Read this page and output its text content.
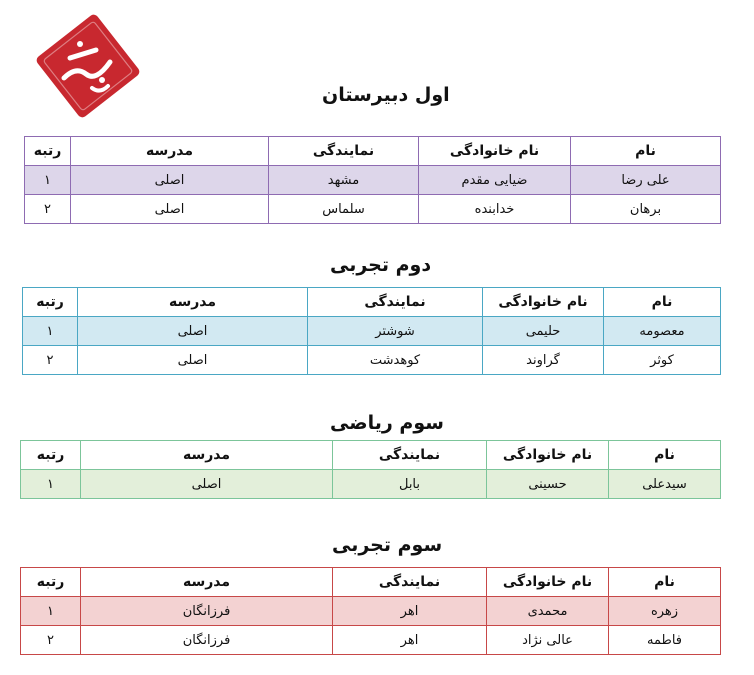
اول دبیرستان
نام	نام خانوادگی	نمایندگی	مدرسه	رتبه
علی رضا	ضیایی مقدم	مشهد	اصلی	۱
برهان	خدابنده	سلماس	اصلی	۲
دوم تجربی
نام	نام خانوادگی	نمایندگی	مدرسه	رتبه
معصومه	حلیمی	شوشتر	اصلی	۱
کوثر	گراوند	کوهدشت	اصلی	۲
سوم ریاضی
نام	نام خانوادگی	نمایندگی	مدرسه	رتبه
سیدعلی	حسینی	بابل	اصلی	۱
سوم تجربی
نام	نام خانوادگی	نمایندگی	مدرسه	رتبه
زهره	محمدی	اهر	فرزانگان	۱
فاطمه	عالی نژاد	اهر	فرزانگان	۲
